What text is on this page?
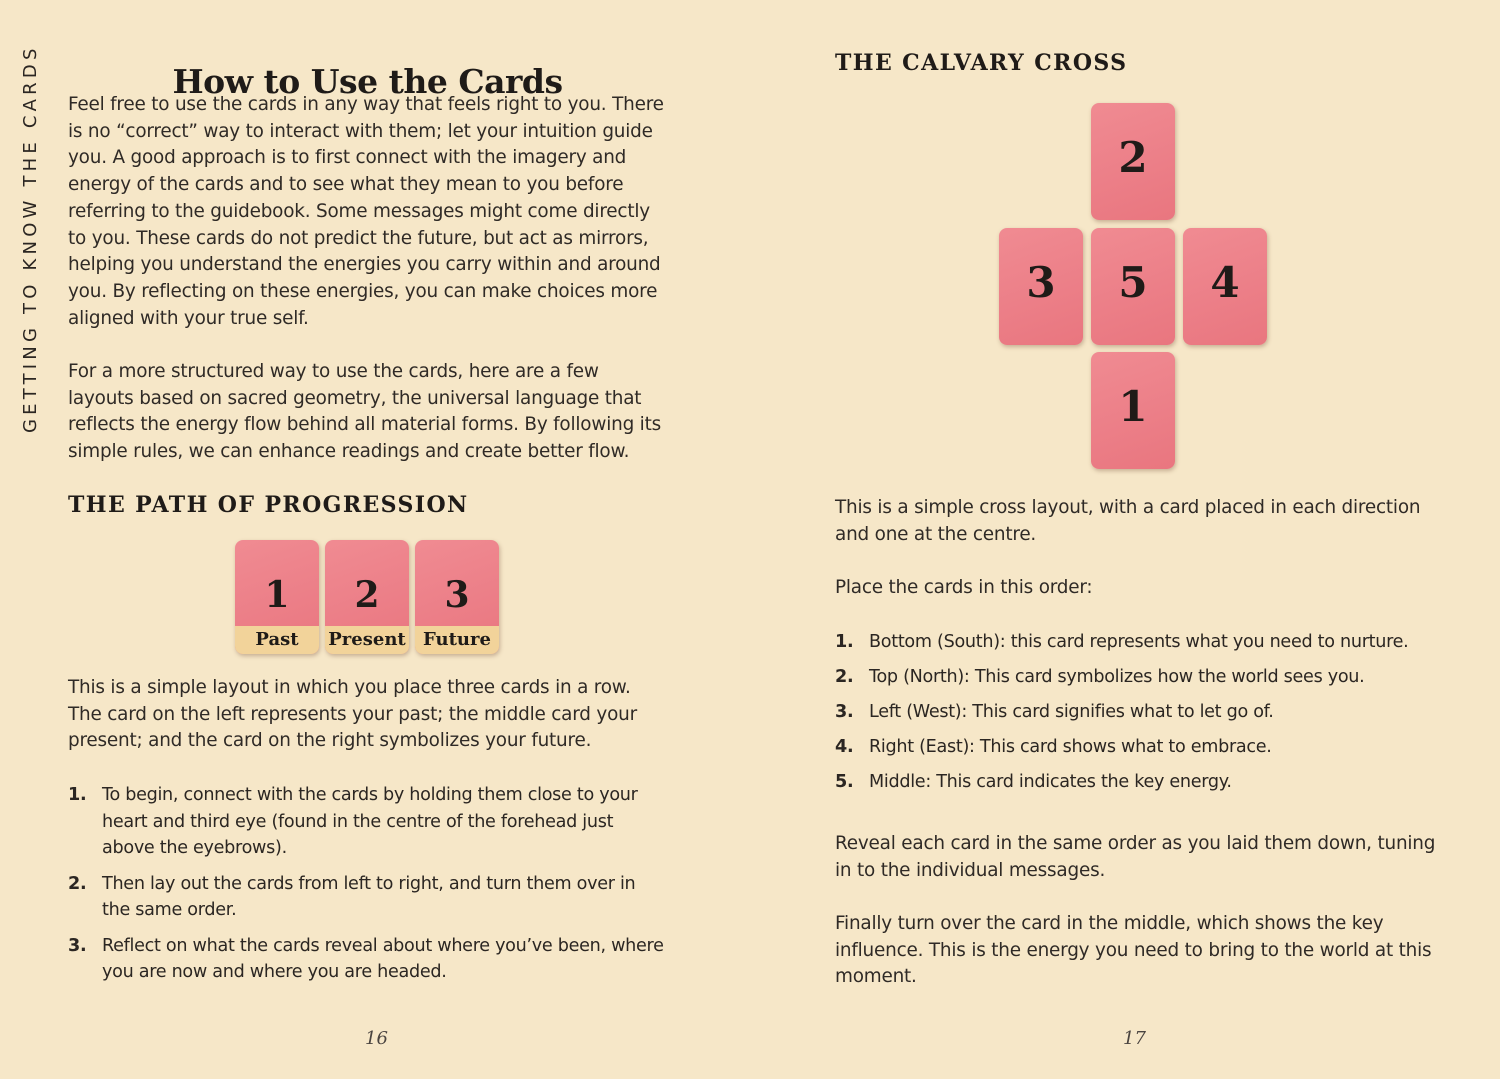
GETTING TO KNOW THE CARDS	How to Use the Cards

Feel free to use the cards in any way that feels right to you. There is no “correct” way to interact with them; let your intuition guide you. A good approach is to first connect with the imagery and energy of the cards and to see what they mean to you before referring to the guidebook. Some messages might come directly to you. These cards do not predict the future, but act as mirrors, helping you understand the energies you carry within and around you. By reflecting on these energies, you can make choices more aligned with your true self.

For a more structured way to use the cards, here are a few layouts based on sacred geometry, the universal language that reflects the energy flow behind all material forms. By following its simple rules, we can enhance readings and create better flow.

THE PATH OF PROGRESSION
1
Past
2
Present
3
Future

This is a simple layout in which you place three cards in a row. The card on the left represents your past; the middle card your present; and the card on the right symbolizes your future.

1. To begin, connect with the cards by holding them close to your heart and third eye (found in the centre of the forehead just above the eyebrows).
2. Then lay out the cards from left to right, and turn them over in the same order.
3. Reflect on what the cards reveal about where you’ve been, where you are now and where you are headed.
16
THE CALVARY CROSS
2
3	5	4
1

This is a simple cross layout, with a card placed in each direction and one at the centre.

Place the cards in this order:

1. Bottom (South): this card represents what you need to nurture.
2. Top (North): This card symbolizes how the world sees you.
3. Left (West): This card signifies what to let go of.
4. Right (East): This card shows what to embrace.
5. Middle: This card indicates the key energy.

Reveal each card in the same order as you laid them down, tuning in to the individual messages.

Finally turn over the card in the middle, which shows the key influence. This is the energy you need to bring to the world at this moment.

17
